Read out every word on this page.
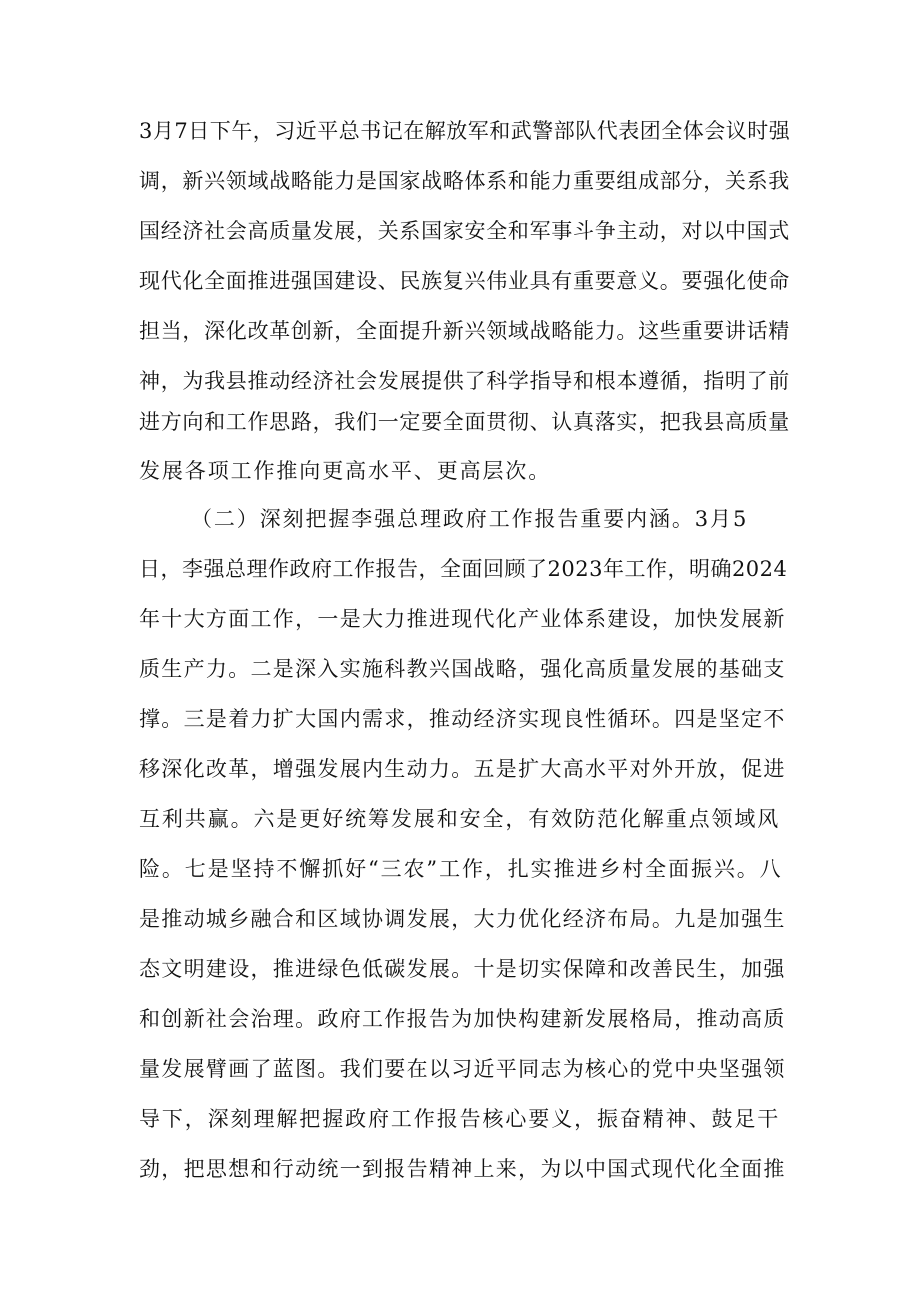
3月7日下午，习近平总书记在解放军和武警部队代表团全体会议时强

调，新兴领域战略能力是国家战略体系和能力重要组成部分，关系我

国经济社会高质量发展，关系国家安全和军事斗争主动，对以中国式

现代化全面推进强国建设、民族复兴伟业具有重要意义。要强化使命

担当，深化改革创新，全面提升新兴领域战略能力。这些重要讲话精

神，为我县推动经济社会发展提供了科学指导和根本遵循，指明了前

进方向和工作思路，我们一定要全面贯彻、认真落实，把我县高质量

发展各项工作推向更高水平、更高层次。

（二）深刻把握李强总理政府工作报告重要内涵。3月5

日，李强总理作政府工作报告，全面回顾了2023年工作，明确2024

年十大方面工作，一是大力推进现代化产业体系建设，加快发展新

质生产力。二是深入实施科教兴国战略，强化高质量发展的基础支

撑。三是着力扩大国内需求，推动经济实现良性循环。四是坚定不

移深化改革，增强发展内生动力。五是扩大高水平对外开放，促进

互利共赢。六是更好统筹发展和安全，有效防范化解重点领域风

险。七是坚持不懈抓好“三农”工作，扎实推进乡村全面振兴。八

是推动城乡融合和区域协调发展，大力优化经济布局。九是加强生

态文明建设，推进绿色低碳发展。十是切实保障和改善民生，加强

和创新社会治理。政府工作报告为加快构建新发展格局，推动高质

量发展臂画了蓝图。我们要在以习近平同志为核心的党中央坚强领

导下，深刻理解把握政府工作报告核心要义，振奋精神、鼓足干

劲，把思想和行动统一到报告精神上来，为以中国式现代化全面推
